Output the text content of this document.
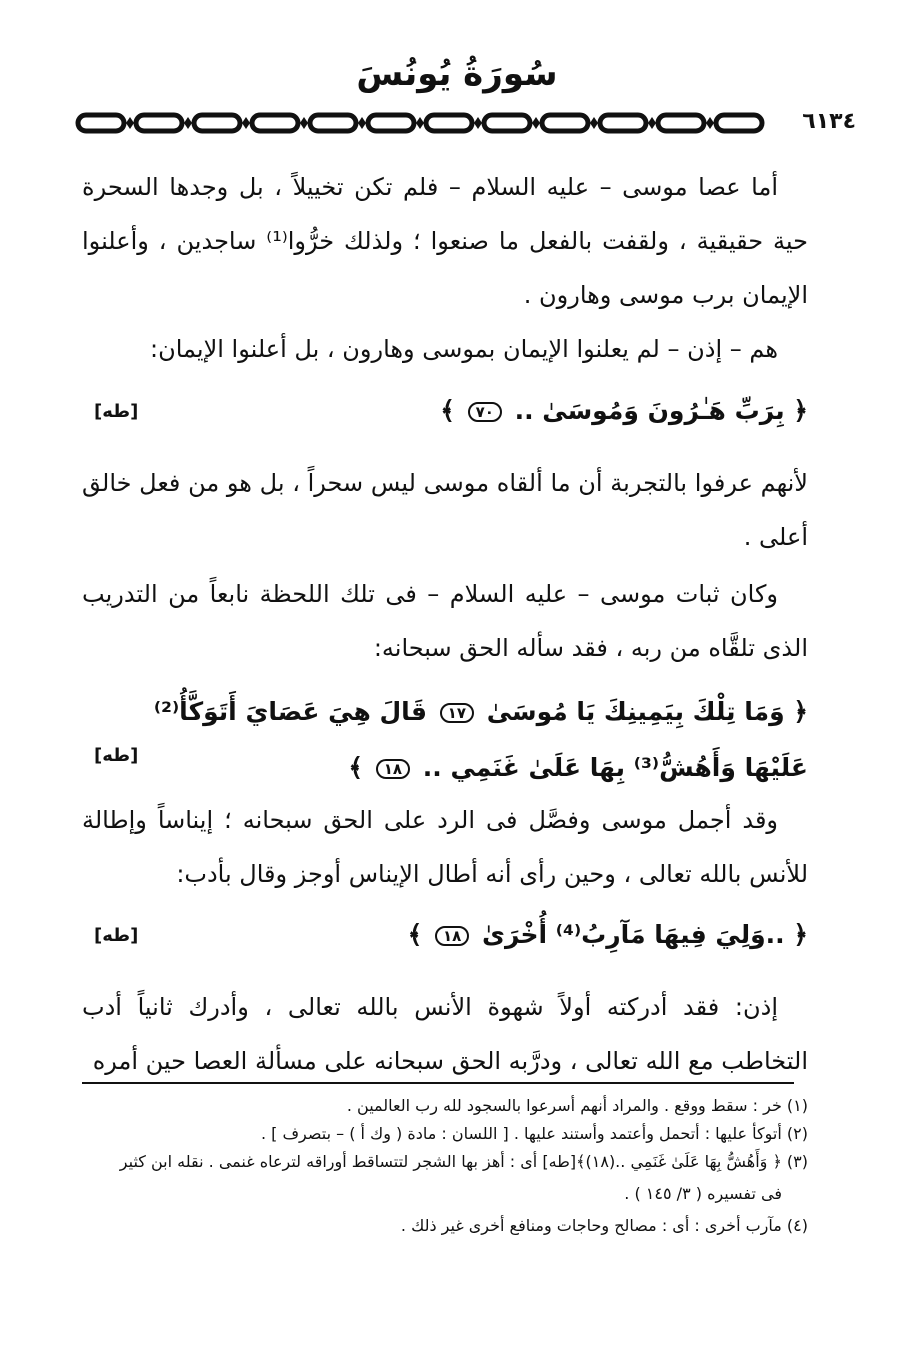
سُورَةُ يُونُسَ
٦١٣٤
أما عصا موسى – عليه السلام – فلم تكن تخييلاً ، بل وجدها السحرة حية حقيقية ، ولقفت بالفعل ما صنعوا ؛ ولذلك خرُّوا⁽¹⁾ ساجدين ، وأعلنوا الإيمان برب موسى وهارون .
هم – إذن – لم يعلنوا الإيمان بموسى وهارون ، بل أعلنوا الإيمان:
﴿ بِرَبِّ هَـٰرُونَ وَمُوسَىٰ .. ٧٠ ﴾
[طه]
لأنهم عرفوا بالتجربة أن ما ألقاه موسى ليس سحراً ، بل هو من فعل خالق أعلى .
وكان ثبات موسى – عليه السلام – فى تلك اللحظة نابعاً من التدريب الذى تلقَّاه من ربه ، فقد سأله الحق سبحانه:
﴿ وَمَا تِلْكَ بِيَمِينِكَ يَا مُوسَىٰ ١٧ قَالَ هِيَ عَصَايَ أَتَوَكَّأُ⁽²⁾ عَلَيْهَا وَأَهُشُّ⁽³⁾ بِهَا عَلَىٰ غَنَمِي .. ١٨ ﴾
[طه]
وقد أجمل موسى وفصَّل فى الرد على الحق سبحانه ؛ إيناساً وإطالة للأنس بالله تعالى ، وحين رأى أنه أطال الإيناس أوجز وقال بأدب:
﴿ ..وَلِيَ فِيهَا مَآرِبُ⁽⁴⁾ أُخْرَىٰ ١٨ ﴾
[طه]
إذن: فقد أدركته أولاً شهوة الأنس بالله تعالى ، وأدرك ثانياً أدب التخاطب مع الله تعالى ، ودرَّبه الحق سبحانه على مسألة العصا حين أمره
(١) خر : سقط ووقع . والمراد أنهم أسرعوا بالسجود لله رب العالمين .
(٢) أتوكأ عليها : أتحمل وأعتمد وأستند عليها . [ اللسان : مادة ( وك أ ) – بتصرف ] .
(٣) ﴿ وَأَهُشُّ بِهَا عَلَىٰ غَنَمِي ..(١٨)﴾[طه] أى : أهز بها الشجر لتتساقط أوراقه لترعاه غنمى . نقله ابن كثير
فى تفسيره ( ٣/ ١٤٥ ) .
(٤) مآرب أخرى : أى : مصالح وحاجات ومنافع أخرى غير ذلك .
